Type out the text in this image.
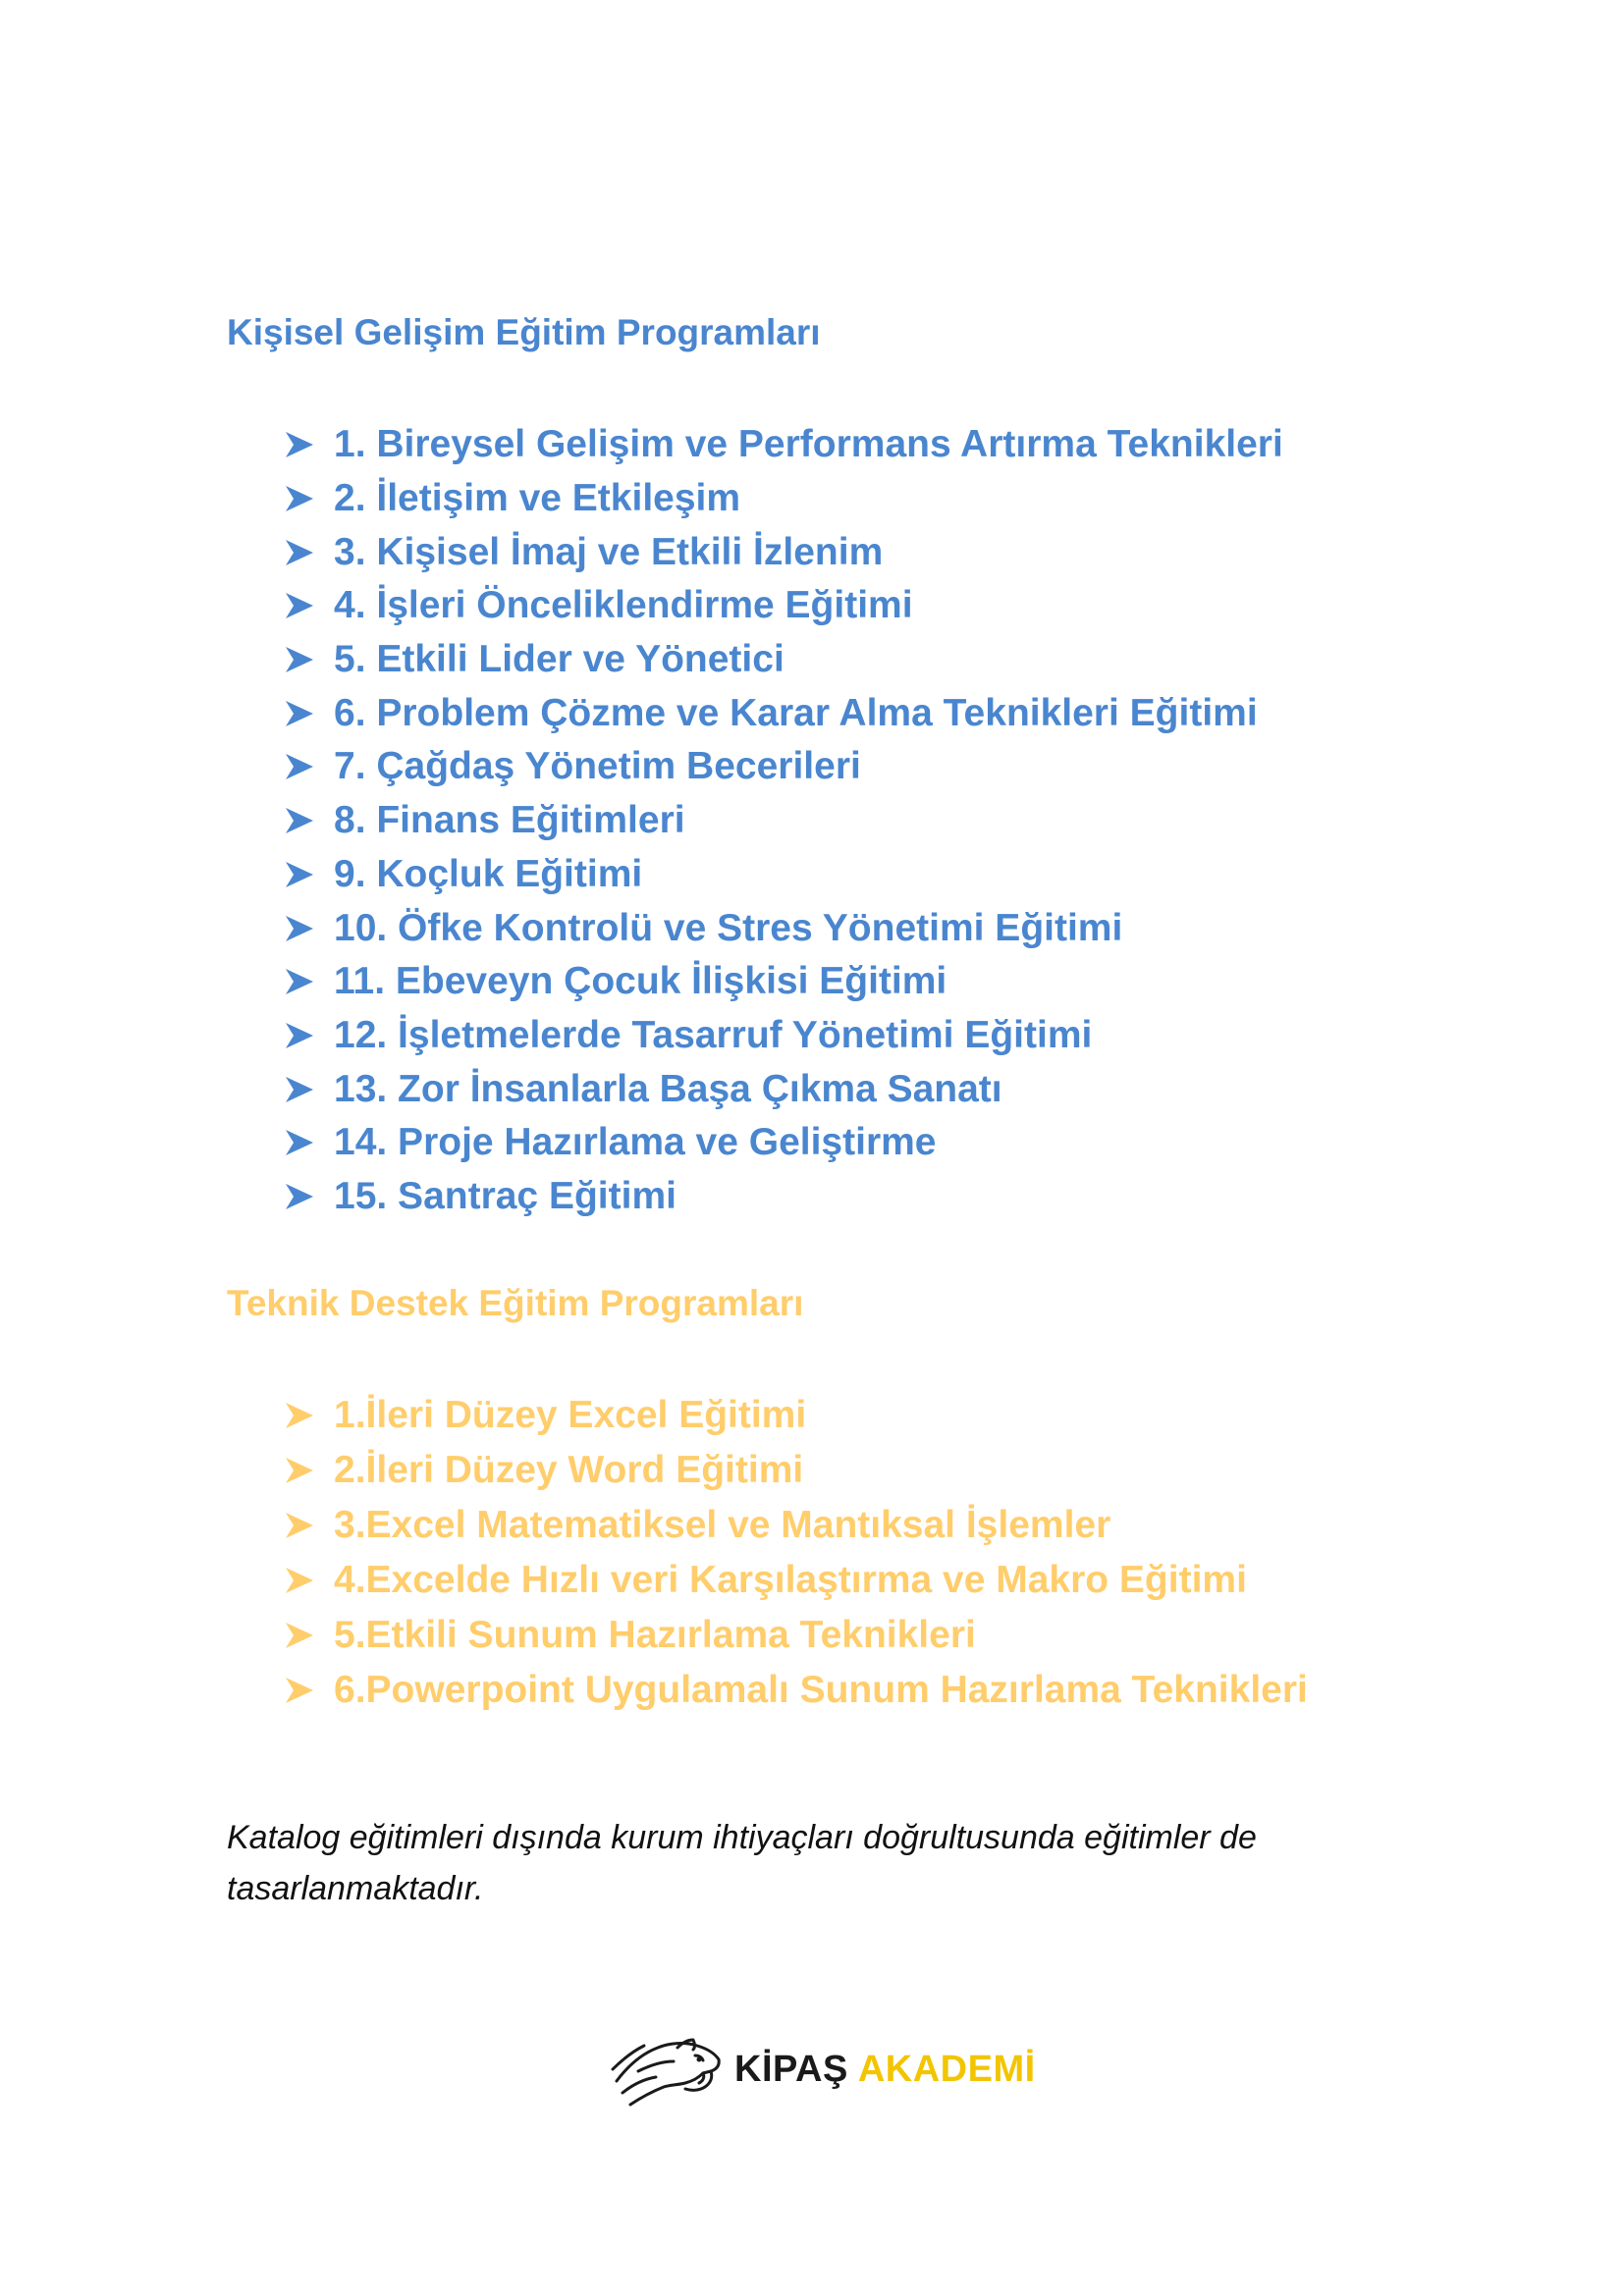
Kişisel Gelişim Eğitim Programları
1. Bireysel Gelişim ve Performans Artırma Teknikleri
2. İletişim ve Etkileşim
3. Kişisel İmaj ve Etkili İzlenim
4. İşleri Önceliklendirme Eğitimi
5. Etkili Lider ve Yönetici
6. Problem Çözme ve Karar Alma Teknikleri Eğitimi
7. Çağdaş Yönetim Becerileri
8. Finans Eğitimleri
9. Koçluk Eğitimi
10. Öfke Kontrolü ve Stres Yönetimi Eğitimi
11. Ebeveyn Çocuk İlişkisi Eğitimi
12. İşletmelerde Tasarruf Yönetimi Eğitimi
13. Zor İnsanlarla Başa Çıkma Sanatı
14. Proje Hazırlama ve Geliştirme
15. Santraç Eğitimi
Teknik Destek Eğitim Programları
1.İleri Düzey Excel Eğitimi
2.İleri Düzey Word Eğitimi
3.Excel Matematiksel ve Mantıksal İşlemler
4.Excelde Hızlı veri Karşılaştırma ve Makro Eğitimi
5.Etkili Sunum Hazırlama Teknikleri
6.Powerpoint Uygulamalı Sunum Hazırlama Teknikleri

Katalog eğitimleri dışında kurum ihtiyaçları doğrultusunda eğitimler de tasarlanmaktadır.

KİPAŞ AKADEMİ
